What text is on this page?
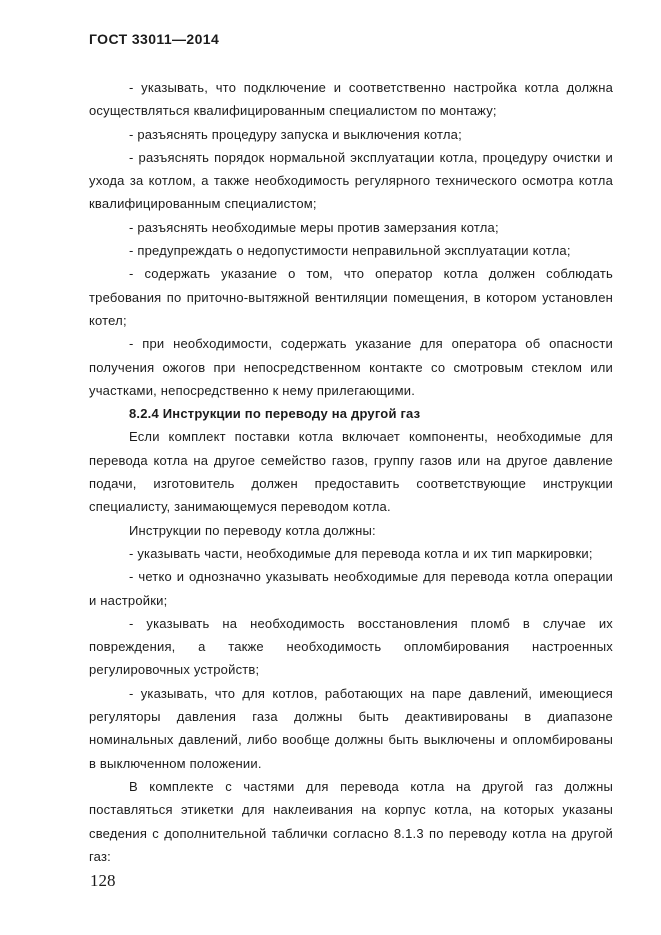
ГОСТ 33011—2014

- указывать, что подключение и соответственно настройка котла должна осуществляться квалифицированным специалистом по монтажу;

- разъяснять процедуру запуска и выключения котла;

- разъяснять порядок нормальной эксплуатации котла, процедуру очистки и ухода за котлом, а также необходимость регулярного технического осмотра котла квалифицированным специалистом;

- разъяснять необходимые меры против замерзания котла;

- предупреждать о недопустимости неправильной эксплуатации котла;

- содержать указание о том, что оператор котла должен соблюдать требования по приточно-вытяжной вентиляции помещения, в котором установлен котел;

- при необходимости, содержать указание для оператора об опасности получения ожогов при непосредственном контакте со смотровым стеклом или участками, непосредственно к нему прилегающими.

8.2.4 Инструкции по переводу на другой газ

Если комплект поставки котла включает компоненты, необходимые для перевода котла на другое семейство газов, группу газов или на другое давление подачи, изготовитель должен предоставить соответствующие инструкции специалисту, занимающемуся переводом котла.

Инструкции по переводу котла должны:

- указывать части, необходимые для перевода котла и их тип маркировки;

- четко и однозначно указывать необходимые для перевода котла операции и настройки;

- указывать на необходимость восстановления пломб в случае их повреждения, а также необходимость опломбирования настроенных регулировочных устройств;

- указывать, что для котлов, работающих на паре давлений, имеющиеся регуляторы давления газа должны быть деактивированы в диапазоне номинальных давлений, либо вообще должны быть выключены и опломбированы в выключенном положении.

В комплекте с частями для перевода котла на другой газ должны поставляться этикетки для наклеивания на корпус котла, на которых указаны сведения с дополнительной таблички согласно 8.1.3 по переводу котла на другой газ:

128
